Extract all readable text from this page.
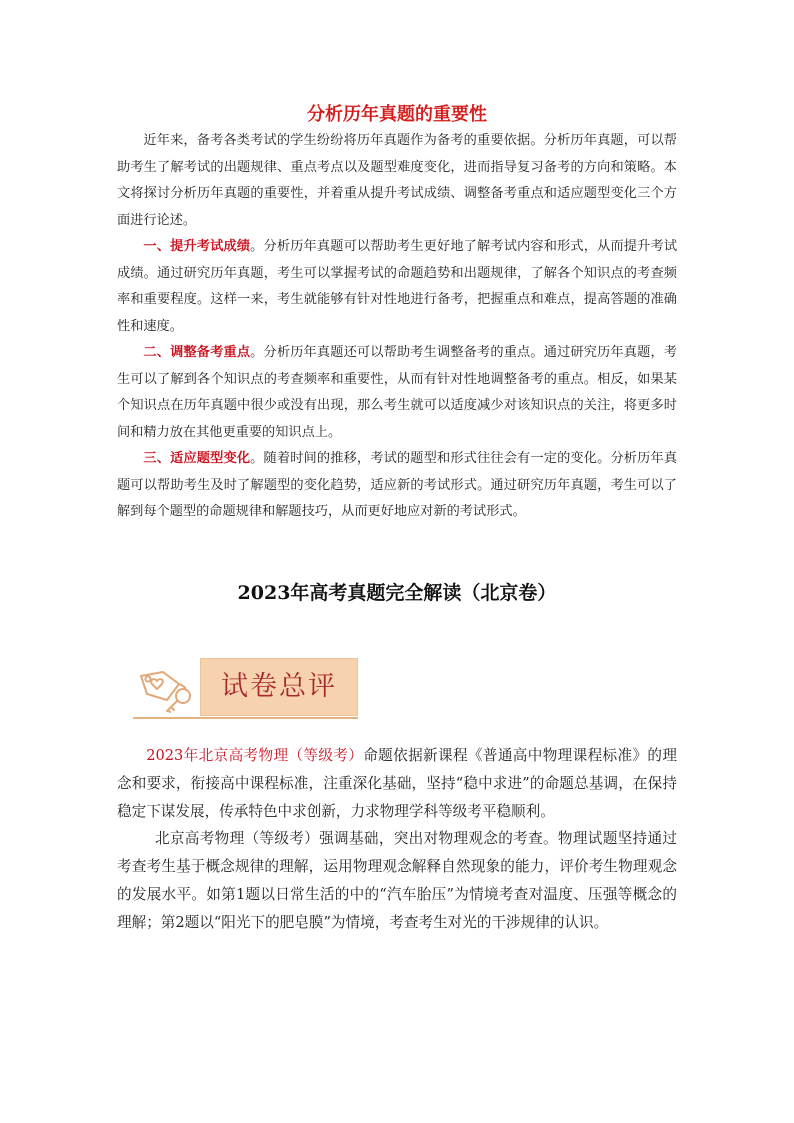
分析历年真题的重要性

近年来，备考各类考试的学生纷纷将历年真题作为备考的重要依据。分析历年真题，可以帮助考生了解考试的出题规律、重点考点以及题型难度变化，进而指导复习备考的方向和策略。本文将探讨分析历年真题的重要性，并着重从提升考试成绩、调整备考重点和适应题型变化三个方面进行论述。

一、提升考试成绩。分析历年真题可以帮助考生更好地了解考试内容和形式，从而提升考试成绩。通过研究历年真题，考生可以掌握考试的命题趋势和出题规律，了解各个知识点的考查频率和重要程度。这样一来，考生就能够有针对性地进行备考，把握重点和难点，提高答题的准确性和速度。

二、调整备考重点。分析历年真题还可以帮助考生调整备考的重点。通过研究历年真题，考生可以了解到各个知识点的考查频率和重要性，从而有针对性地调整备考的重点。相反，如果某个知识点在历年真题中很少或没有出现，那么考生就可以适度减少对该知识点的关注，将更多时间和精力放在其他更重要的知识点上。

三、适应题型变化。随着时间的推移，考试的题型和形式往往会有一定的变化。分析历年真题可以帮助考生及时了解题型的变化趋势，适应新的考试形式。通过研究历年真题，考生可以了解到每个题型的命题规律和解题技巧，从而更好地应对新的考试形式。

2023年高考真题完全解读（北京卷）
试卷总评

2023年北京高考物理（等级考）命题依据新课程《普通高中物理课程标准》的理念和要求，衔接高中课程标准，注重深化基础，坚持“稳中求进”的命题总基调，在保持稳定下谋发展，传承特色中求创新，力求物理学科等级考平稳顺利。

北京高考物理（等级考）强调基础，突出对物理观念的考查。物理试题坚持通过考查考生基于概念规律的理解，运用物理观念解释自然现象的能力，评价考生物理观念的发展水平。如第1题以日常生活的中的“汽车胎压”为情境考查对温度、压强等概念的理解；第2题以“阳光下的肥皂膜”为情境，考查考生对光的干涉规律的认识。
